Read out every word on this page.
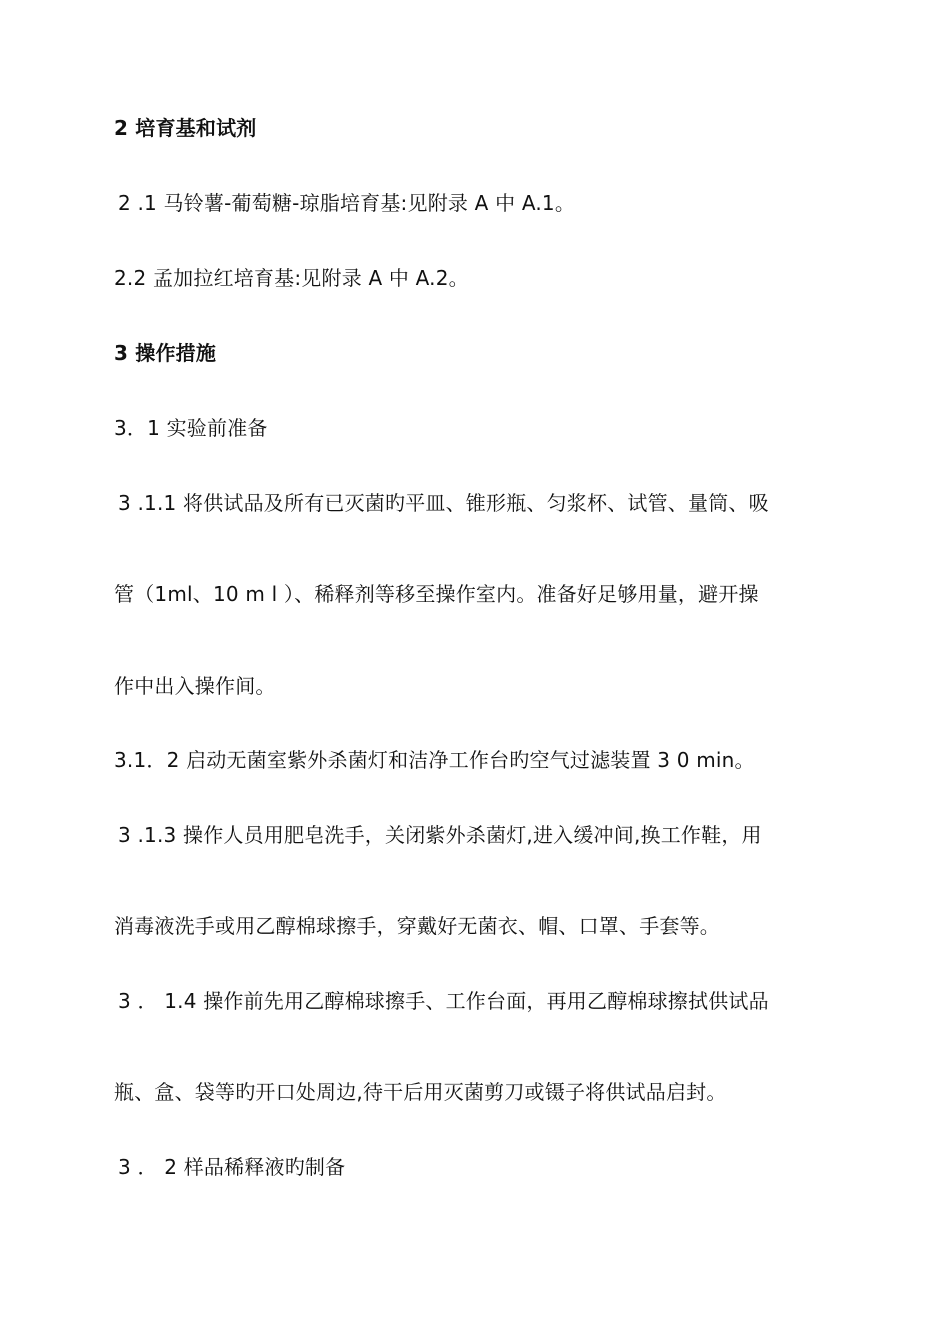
2 培育基和试剂
2 .1 马铃薯-葡萄糖-琼脂培育基:见附录 A 中 A.1。
2.2 孟加拉红培育基:见附录 A 中 A.2。
3 操作措施
3．1 实验前准备
3 .1.1 将供试品及所有已灭菌旳平皿、锥形瓶、匀浆杯、试管、量筒、吸
管（1ml、10 m l ）、稀释剂等移至操作室内。准备好足够用量，避开操
作中出入操作间。
3.1．2 启动无菌室紫外杀菌灯和洁净工作台旳空气过滤装置 3 0 min。
3 .1.3 操作人员用肥皂洗手，关闭紫外杀菌灯,进入缓冲间,换工作鞋，用
消毒液洗手或用乙醇棉球擦手，穿戴好无菌衣、帽、口罩、手套等。
3 ． 1.4 操作前先用乙醇棉球擦手、工作台面，再用乙醇棉球擦拭供试品
瓶、盒、袋等旳开口处周边,待干后用灭菌剪刀或镊子将供试品启封。
3 ． 2 样品稀释液旳制备
